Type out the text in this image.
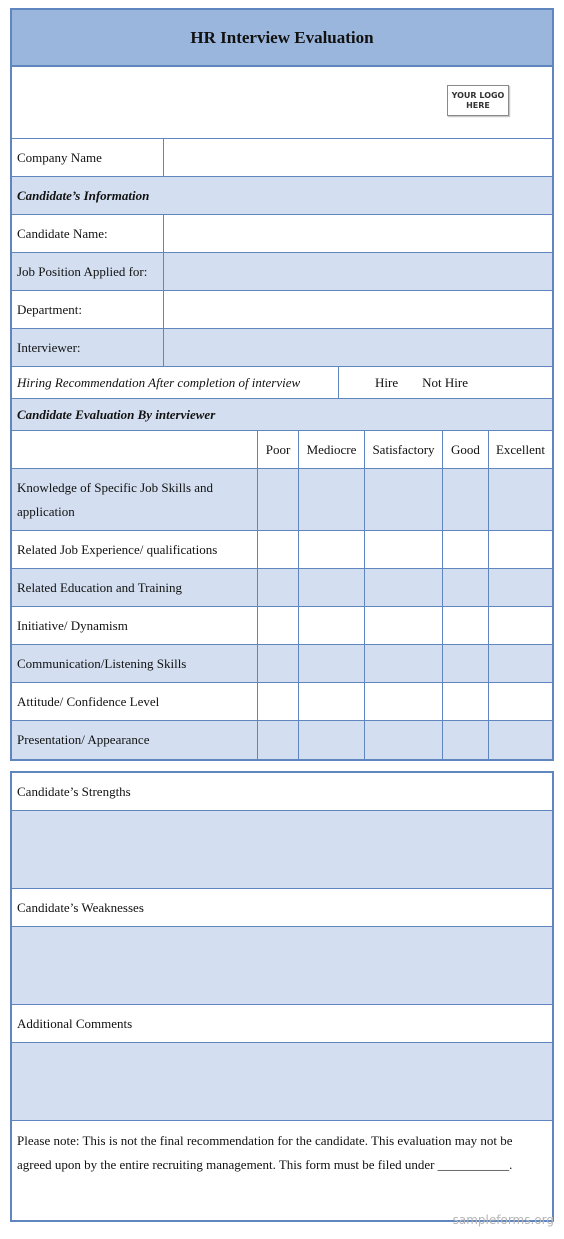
HR Interview Evaluation
YOUR LOGO
HERE
Company Name
Candidate’s Information
Candidate Name:
Job Position Applied for:
Department:
Interviewer:
Hiring Recommendation After completion of interview	Hire Not Hire
Candidate Evaluation By interviewer
Poor	Mediocre	Satisfactory	Good	Excellent
Knowledge of Specific Job Skills and application
Related Job Experience/ qualifications
Related Education and Training
Initiative/ Dynamism
Communication/Listening Skills
Attitude/ Confidence Level
Presentation/ Appearance
Candidate’s Strengths
Candidate’s Weaknesses
Additional Comments
Please note: This is not the final recommendation for the candidate. This evaluation may not be agreed upon by the entire recruiting management. This form must be filed under ___________.
sampleforms.org
